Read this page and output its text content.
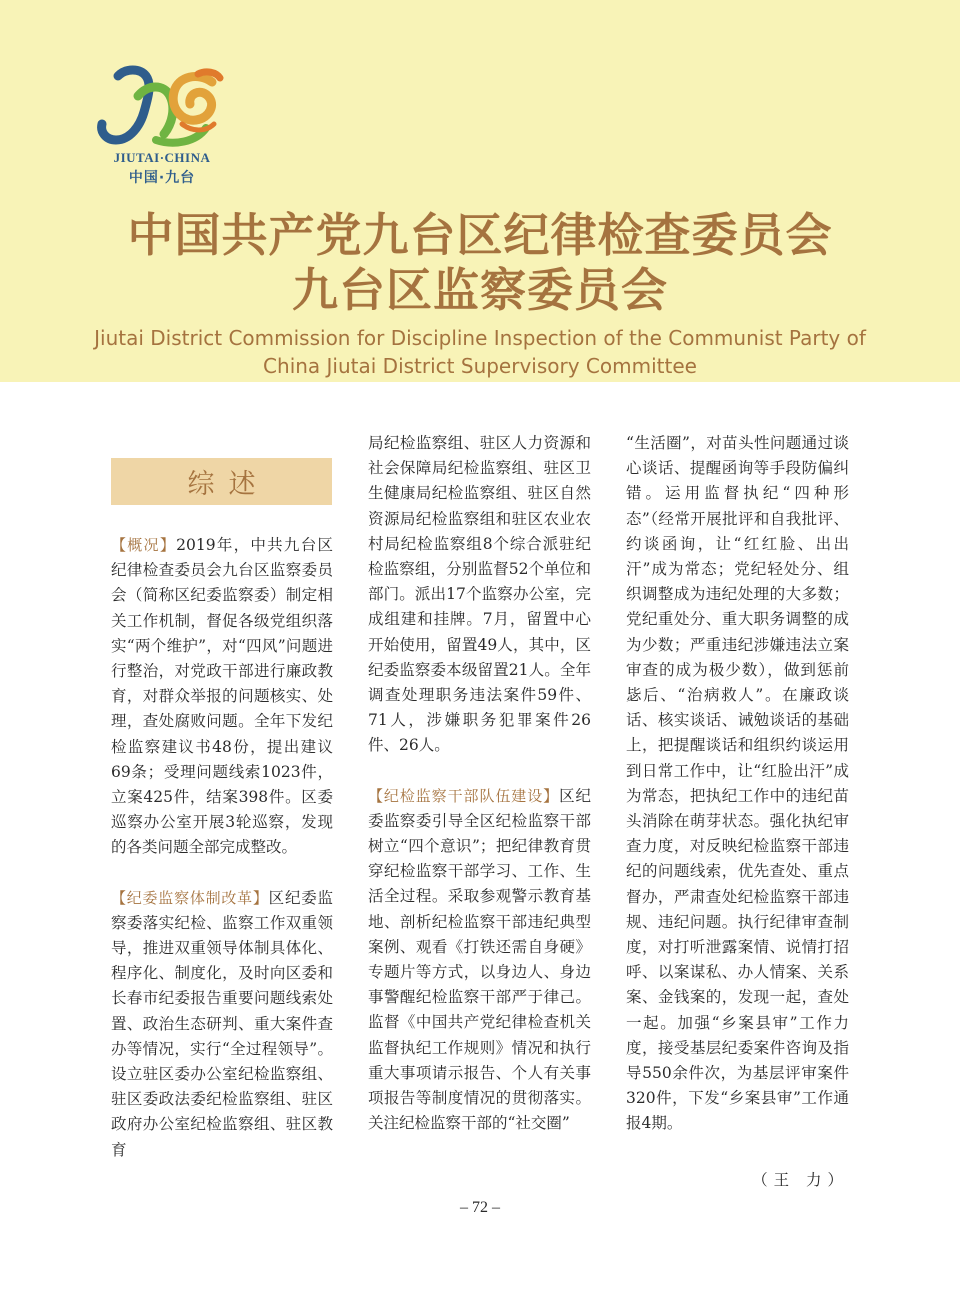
JIUTAI·CHINA
中国·九台
中国共产党九台区纪律检查委员会
九台区监察委员会
Jiutai District Commission for Discipline Inspection of the Communist Party of
China Jiutai District Supervisory Committee
综述

【概况】2019年，中共九台区纪律检查委员会九台区监察委员会（简称区纪委监察委）制定相关工作机制，督促各级党组织落实“两个维护”，对“四风”问题进行整治，对党政干部进行廉政教育，对群众举报的问题核实、处理，查处腐败问题。全年下发纪检监察建议书48份，提出建议69条；受理问题线索1023件，立案425件，结案398件。区委巡察办公室开展3轮巡察，发现的各类问题全部完成整改。

【纪委监察体制改革】区纪委监察委落实纪检、监察工作双重领导，推进双重领导体制具体化、程序化、制度化，及时向区委和长春市纪委报告重要问题线索处置、政治生态研判、重大案件查办等情况，实行“全过程领导”。设立驻区委办公室纪检监察组、驻区委政法委纪检监察组、驻区政府办公室纪检监察组、驻区教育

局纪检监察组、驻区人力资源和社会保障局纪检监察组、驻区卫生健康局纪检监察组、驻区自然资源局纪检监察组和驻区农业农村局纪检监察组8个综合派驻纪检监察组，分别监督52个单位和部门。派出17个监察办公室，完成组建和挂牌。7月，留置中心开始使用，留置49人，其中，区纪委监察委本级留置21人。全年调查处理职务违法案件59件、71人，涉嫌职务犯罪案件26件、26人。

【纪检监察干部队伍建设】区纪委监察委引导全区纪检监察干部树立“四个意识”；把纪律教育贯穿纪检监察干部学习、工作、生活全过程。采取参观警示教育基地、剖析纪检监察干部违纪典型案例、观看《打铁还需自身硬》专题片等方式，以身边人、身边事警醒纪检监察干部严于律己。监督《中国共产党纪律检查机关监督执纪工作规则》情况和执行重大事项请示报告、个人有关事项报告等制度情况的贯彻落实。关注纪检监察干部的“社交圈”

“生活圈”，对苗头性问题通过谈心谈话、提醒函询等手段防偏纠错。运用监督执纪“四种形态”（经常开展批评和自我批评、约谈函询，让“红红脸、出出汗”成为常态；党纪轻处分、组织调整成为违纪处理的大多数；党纪重处分、重大职务调整的成为少数；严重违纪涉嫌违法立案审查的成为极少数），做到惩前毖后、“治病救人”。在廉政谈话、核实谈话、诫勉谈话的基础上，把提醒谈话和组织约谈运用到日常工作中，让“红脸出汗”成为常态，把执纪工作中的违纪苗头消除在萌芽状态。强化执纪审查力度，对反映纪检监察干部违纪的问题线索，优先查处、重点督办，严肃查处纪检监察干部违规、违纪问题。执行纪律审查制度，对打听泄露案情、说情打招呼、以案谋私、办人情案、关系案、金钱案的，发现一起，查处一起。加强“乡案县审”工作力度，接受基层纪委案件咨询及指导550余件次，为基层评审案件320件，下发“乡案县审”工作通报4期。

（王 力）
– 72 –
